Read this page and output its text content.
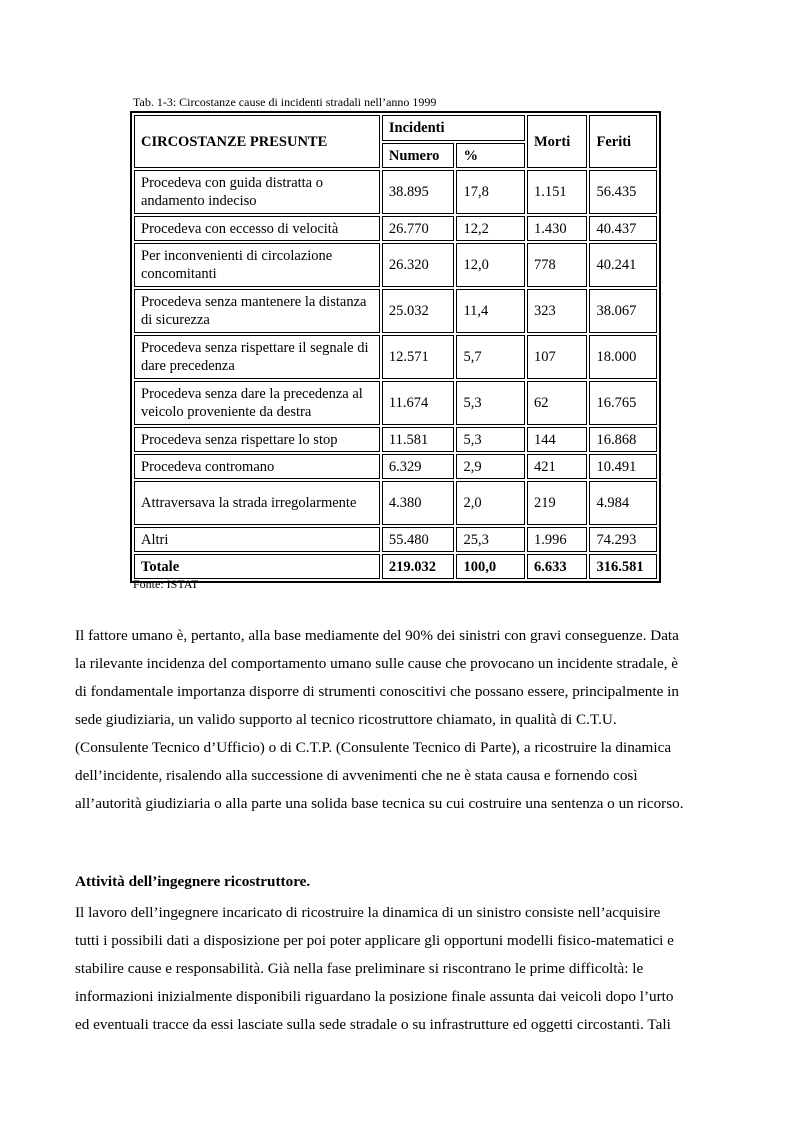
Tab. 1-3: Circostanze cause di incidenti stradali nell’anno 1999
CIRCOSTANZE PRESUNTE	Incidenti		Morti	Feriti
	Numero	%		
Procedeva con guida distratta o andamento indeciso	38.895	17,8	1.151	56.435
Procedeva con eccesso di velocità	26.770	12,2	1.430	40.437
Per inconvenienti di circolazione concomitanti	26.320	12,0	778	40.241
Procedeva senza mantenere la distanza di sicurezza	25.032	11,4	323	38.067
Procedeva senza rispettare il segnale di dare precedenza	12.571	5,7	107	18.000
Procedeva senza dare la precedenza al veicolo proveniente da destra	11.674	5,3	62	16.765
Procedeva senza rispettare lo stop	11.581	5,3	144	16.868
Procedeva contromano	6.329	2,9	421	10.491
Attraversava la strada irregolarmente	4.380	2,0	219	4.984
Altri	55.480	25,3	1.996	74.293
Totale	219.032	100,0	6.633	316.581
Fonte: ISTAT

Il fattore umano è, pertanto, alla base mediamente del 90% dei sinistri con gravi conseguenze. Data

la rilevante incidenza del comportamento umano sulle cause che provocano un incidente stradale, è

di fondamentale importanza disporre di strumenti conoscitivi che possano essere, principalmente in

sede giudiziaria, un valido supporto al tecnico ricostruttore chiamato, in qualità di C.T.U.

(Consulente Tecnico d’Ufficio) o di C.T.P. (Consulente Tecnico di Parte), a ricostruire la dinamica

dell’incidente, risalendo alla successione di avvenimenti che ne è stata causa e fornendo così

all’autorità giudiziaria o alla parte una solida base tecnica su cui costruire una sentenza o un ricorso.

Attività dell’ingegnere ricostruttore.

Il lavoro dell’ingegnere incaricato di ricostruire la dinamica di un sinistro consiste nell’acquisire

tutti i possibili dati a disposizione per poi poter applicare gli opportuni modelli fisico-matematici e

stabilire cause e responsabilità. Già nella fase preliminare si riscontrano le prime difficoltà: le

informazioni inizialmente disponibili riguardano la posizione finale assunta dai veicoli dopo l’urto

ed eventuali tracce da essi lasciate sulla sede stradale o su infrastrutture ed oggetti circostanti. Tali
